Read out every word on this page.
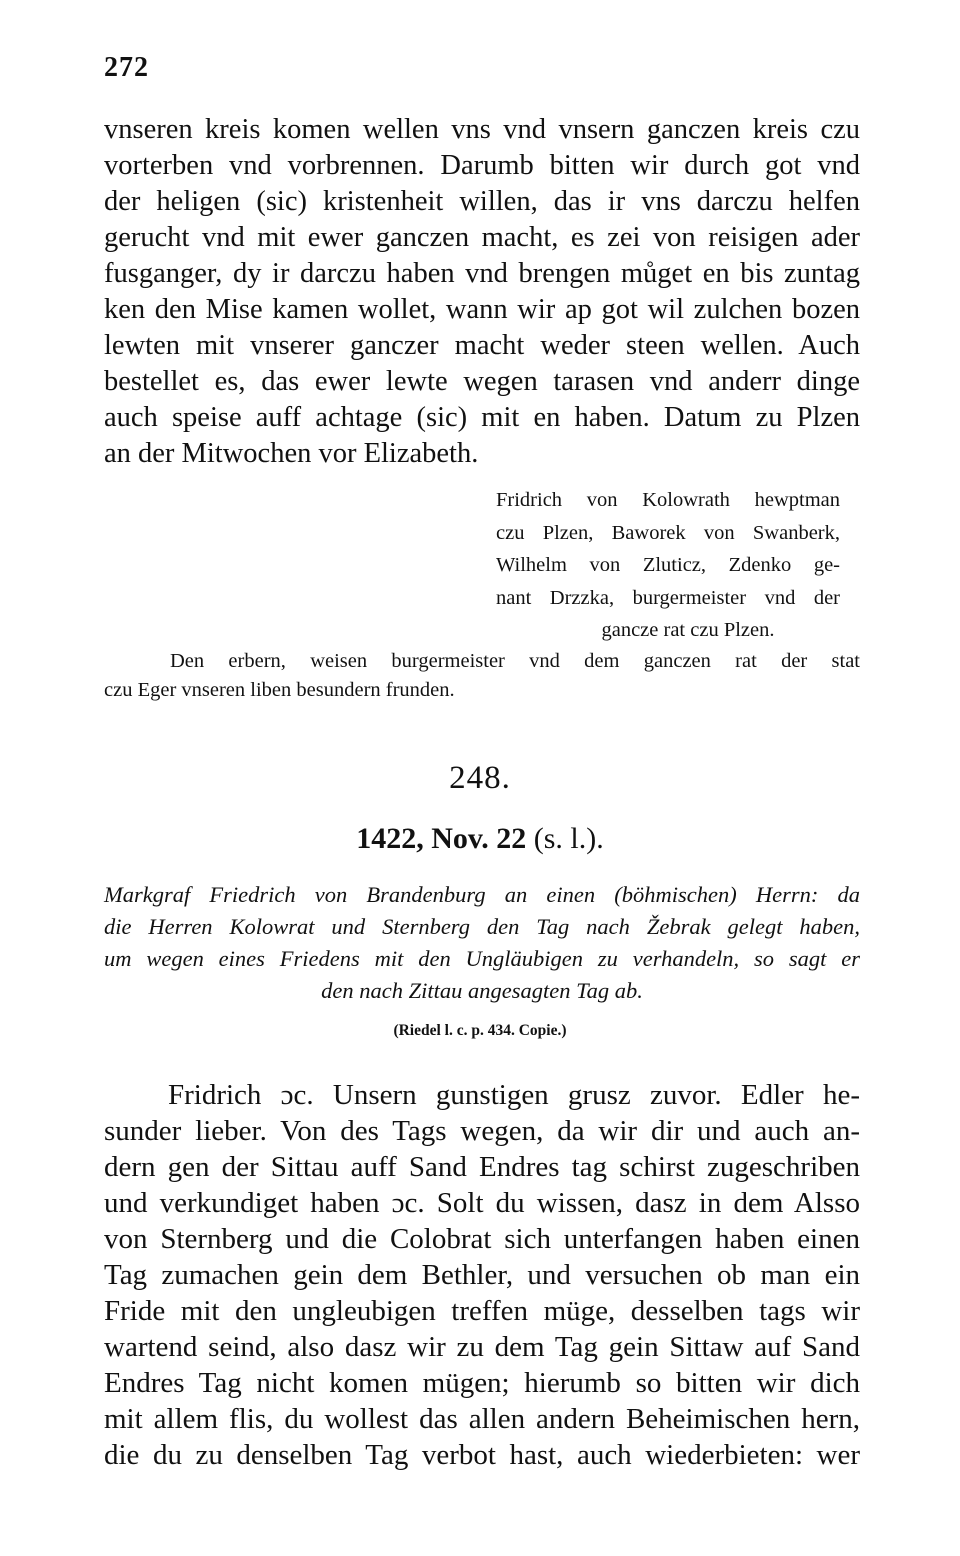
272
vnseren kreis komen wellen vns vnd vnsern ganczen kreis czu
vorterben vnd vorbrennen. Darumb bitten wir durch got vnd
der heligen (sic) kristenheit willen, das ir vns darczu helfen
gerucht vnd mit ewer ganczen macht, es zei von reisigen ader
fusganger, dy ir darczu haben vnd brengen můget en bis zuntag
ken den Mise kamen wollet, wann wir ap got wil zulchen bozen
lewten mit vnserer ganczer macht weder steen wellen. Auch
bestellet es, das ewer lewte wegen tarasen vnd anderr dinge
auch speise auff achtage (sic) mit en haben. Datum zu Plzen
an der Mitwochen vor Elizabeth.
Fridrich von Kolowrath hewptman
czu Plzen, Baworek von Swanberk,
Wilhelm von Zluticz, Zdenko ge-
nant Drzzka, burgermeister vnd der
gancze rat czu Plzen.
Den erbern, weisen burgermeister vnd dem ganczen rat der stat
czu Eger vnseren liben besundern frunden.
248.
1422, Nov. 22 (s. l.).
Markgraf Friedrich von Brandenburg an einen (böhmischen) Herrn: da
die Herren Kolowrat und Sternberg den Tag nach Žebrak gelegt haben,
um wegen eines Friedens mit den Ungläubigen zu verhandeln, so sagt er
den nach Zittau angesagten Tag ab.
(Riedel l. c. p. 434. Copie.)
Fridrich ɔc. Unsern gunstigen grusz zuvor. Edler he-
sunder lieber. Von des Tags wegen, da wir dir und auch an-
dern gen der Sittau auff Sand Endres tag schirst zugeschriben
und verkundiget haben ɔc. Solt du wissen, dasz in dem Alsso
von Sternberg und die Colobrat sich unterfangen haben einen
Tag zumachen gein dem Bethler, und versuchen ob man ein
Fride mit den ungleubigen treffen müge, desselben tags wir
wartend seind, also dasz wir zu dem Tag gein Sittaw auf Sand
Endres Tag nicht komen mügen; hierumb so bitten wir dich
mit allem flis, du wollest das allen andern Beheimischen hern,
die du zu denselben Tag verbot hast, auch wiederbieten: wer
